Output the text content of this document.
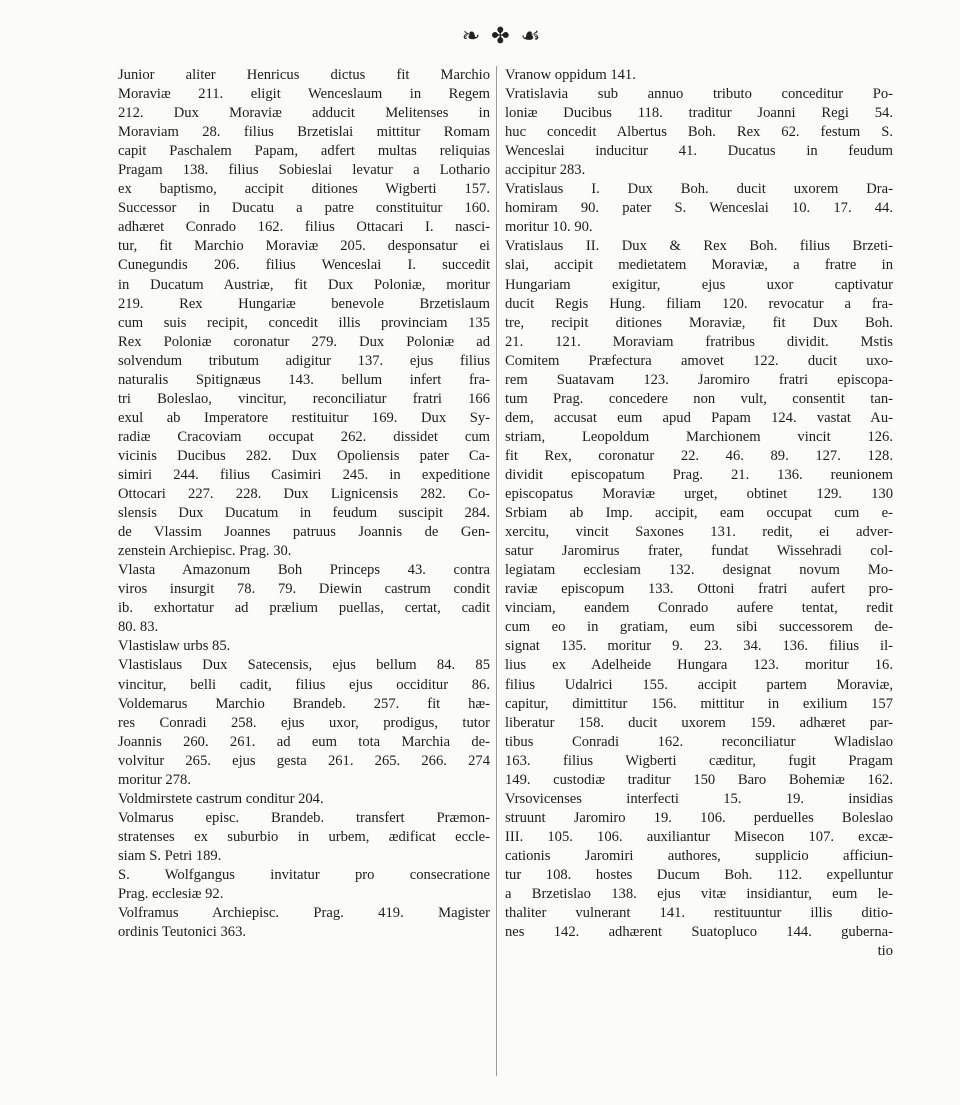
❧ ✤ ☙
Junior aliter Henricus dictus fit Marchio
Moraviæ 211. eligit Wenceslaum in Regem
212. Dux Moraviæ adducit Melitenses in
Moraviam 28. filius Brzetislai mittitur Romam
capit Paschalem Papam, adfert multas reliquias
Pragam 138. filius Sobieslai levatur a Lothario
ex baptismo, accipit ditiones Wigberti 157.
Successor in Ducatu a patre constituitur 160.
adhæret Conrado 162. filius Ottacari I. nasci-
tur, fit Marchio Moraviæ 205. desponsatur ei
Cunegundis 206. filius Wenceslai I. succedit
in Ducatum Austriæ, fit Dux Poloniæ, moritur
219. Rex Hungariæ benevole Brzetislaum
cum suis recipit, concedit illis provinciam 135
Rex Poloniæ coronatur 279. Dux Poloniæ ad
solvendum tributum adigitur 137. ejus filius
naturalis Spitignæus 143. bellum infert fra-
tri Boleslao, vincitur, reconciliatur fratri 166
exul ab Imperatore restituitur 169. Dux Sy-
radiæ Cracoviam occupat 262. dissidet cum
vicinis Ducibus 282. Dux Opoliensis pater Ca-
simiri 244. filius Casimiri 245. in expeditione
Ottocari 227. 228. Dux Lignicensis 282. Co-
slensis Dux Ducatum in feudum suscipit 284.
de Vlassim Joannes patruus Joannis de Gen-
zenstein Archiepisc. Prag. 30.
Vlasta Amazonum Boh Princeps 43. contra
viros insurgit 78. 79. Diewin castrum condit
ib. exhortatur ad prælium puellas, certat, cadit
80. 83.
Vlastislaw urbs 85.
Vlastislaus Dux Satecensis, ejus bellum 84. 85
vincitur, belli cadit, filius ejus occiditur 86.
Voldemarus Marchio Brandeb. 257. fit hæ-
res Conradi 258. ejus uxor, prodigus, tutor
Joannis 260. 261. ad eum tota Marchia de-
volvitur 265. ejus gesta 261. 265. 266. 274
moritur 278.
Voldmirstete castrum conditur 204.
Volmarus episc. Brandeb. transfert Præmon-
stratenses ex suburbio in urbem, ædificat eccle-
siam S. Petri 189.
S. Wolfgangus invitatur pro consecratione
Prag. ecclesiæ 92.
Volframus Archiepisc. Prag. 419. Magister
ordinis Teutonici 363.
Vranow oppidum 141.
Vratislavia sub annuo tributo conceditur Po-
loniæ Ducibus 118. traditur Joanni Regi 54.
huc concedit Albertus Boh. Rex 62. festum S.
Wenceslai inducitur 41. Ducatus in feudum
accipitur 283.
Vratislaus I. Dux Boh. ducit uxorem Dra-
homiram 90. pater S. Wenceslai 10. 17. 44.
moritur 10. 90.
Vratislaus II. Dux & Rex Boh. filius Brzeti-
slai, accipit medietatem Moraviæ, a fratre in
Hungariam exigitur, ejus uxor captivatur
ducit Regis Hung. filiam 120. revocatur a fra-
tre, recipit ditiones Moraviæ, fit Dux Boh.
21. 121. Moraviam fratribus dividit. Mstis
Comitem Præfectura amovet 122. ducit uxo-
rem Suatavam 123. Jaromiro fratri episcopa-
tum Prag. concedere non vult, consentit tan-
dem, accusat eum apud Papam 124. vastat Au-
striam, Leopoldum Marchionem vincit 126.
fit Rex, coronatur 22. 46. 89. 127. 128.
dividit episcopatum Prag. 21. 136. reunionem
episcopatus Moraviæ urget, obtinet 129. 130
Srbiam ab Imp. accipit, eam occupat cum e-
xercitu, vincit Saxones 131. redit, ei adver-
satur Jaromirus frater, fundat Wissehradi col-
legiatam ecclesiam 132. designat novum Mo-
raviæ episcopum 133. Ottoni fratri aufert pro-
vinciam, eandem Conrado aufere tentat, redit
cum eo in gratiam, eum sibi successorem de-
signat 135. moritur 9. 23. 34. 136. filius il-
lius ex Adelheide Hungara 123. moritur 16.
filius Udalrici 155. accipit partem Moraviæ,
capitur, dimittitur 156. mittitur in exilium 157
liberatur 158. ducit uxorem 159. adhæret par-
tibus Conradi 162. reconciliatur Wladislao
163. filius Wigberti cæditur, fugit Pragam
149. custodiæ traditur 150 Baro Bohemiæ 162.
Vrsovicenses interfecti 15. 19. insidias
struunt Jaromiro 19. 106. perduelles Boleslao
III. 105. 106. auxiliantur Misecon 107. excæ-
cationis Jaromiri authores, supplicio afficiun-
tur 108. hostes Ducum Boh. 112. expelluntur
a Brzetislao 138. ejus vitæ insidiantur, eum le-
thaliter vulnerant 141. restituuntur illis ditio-
nes 142. adhærent Suatopluco 144. guberna-
tio
